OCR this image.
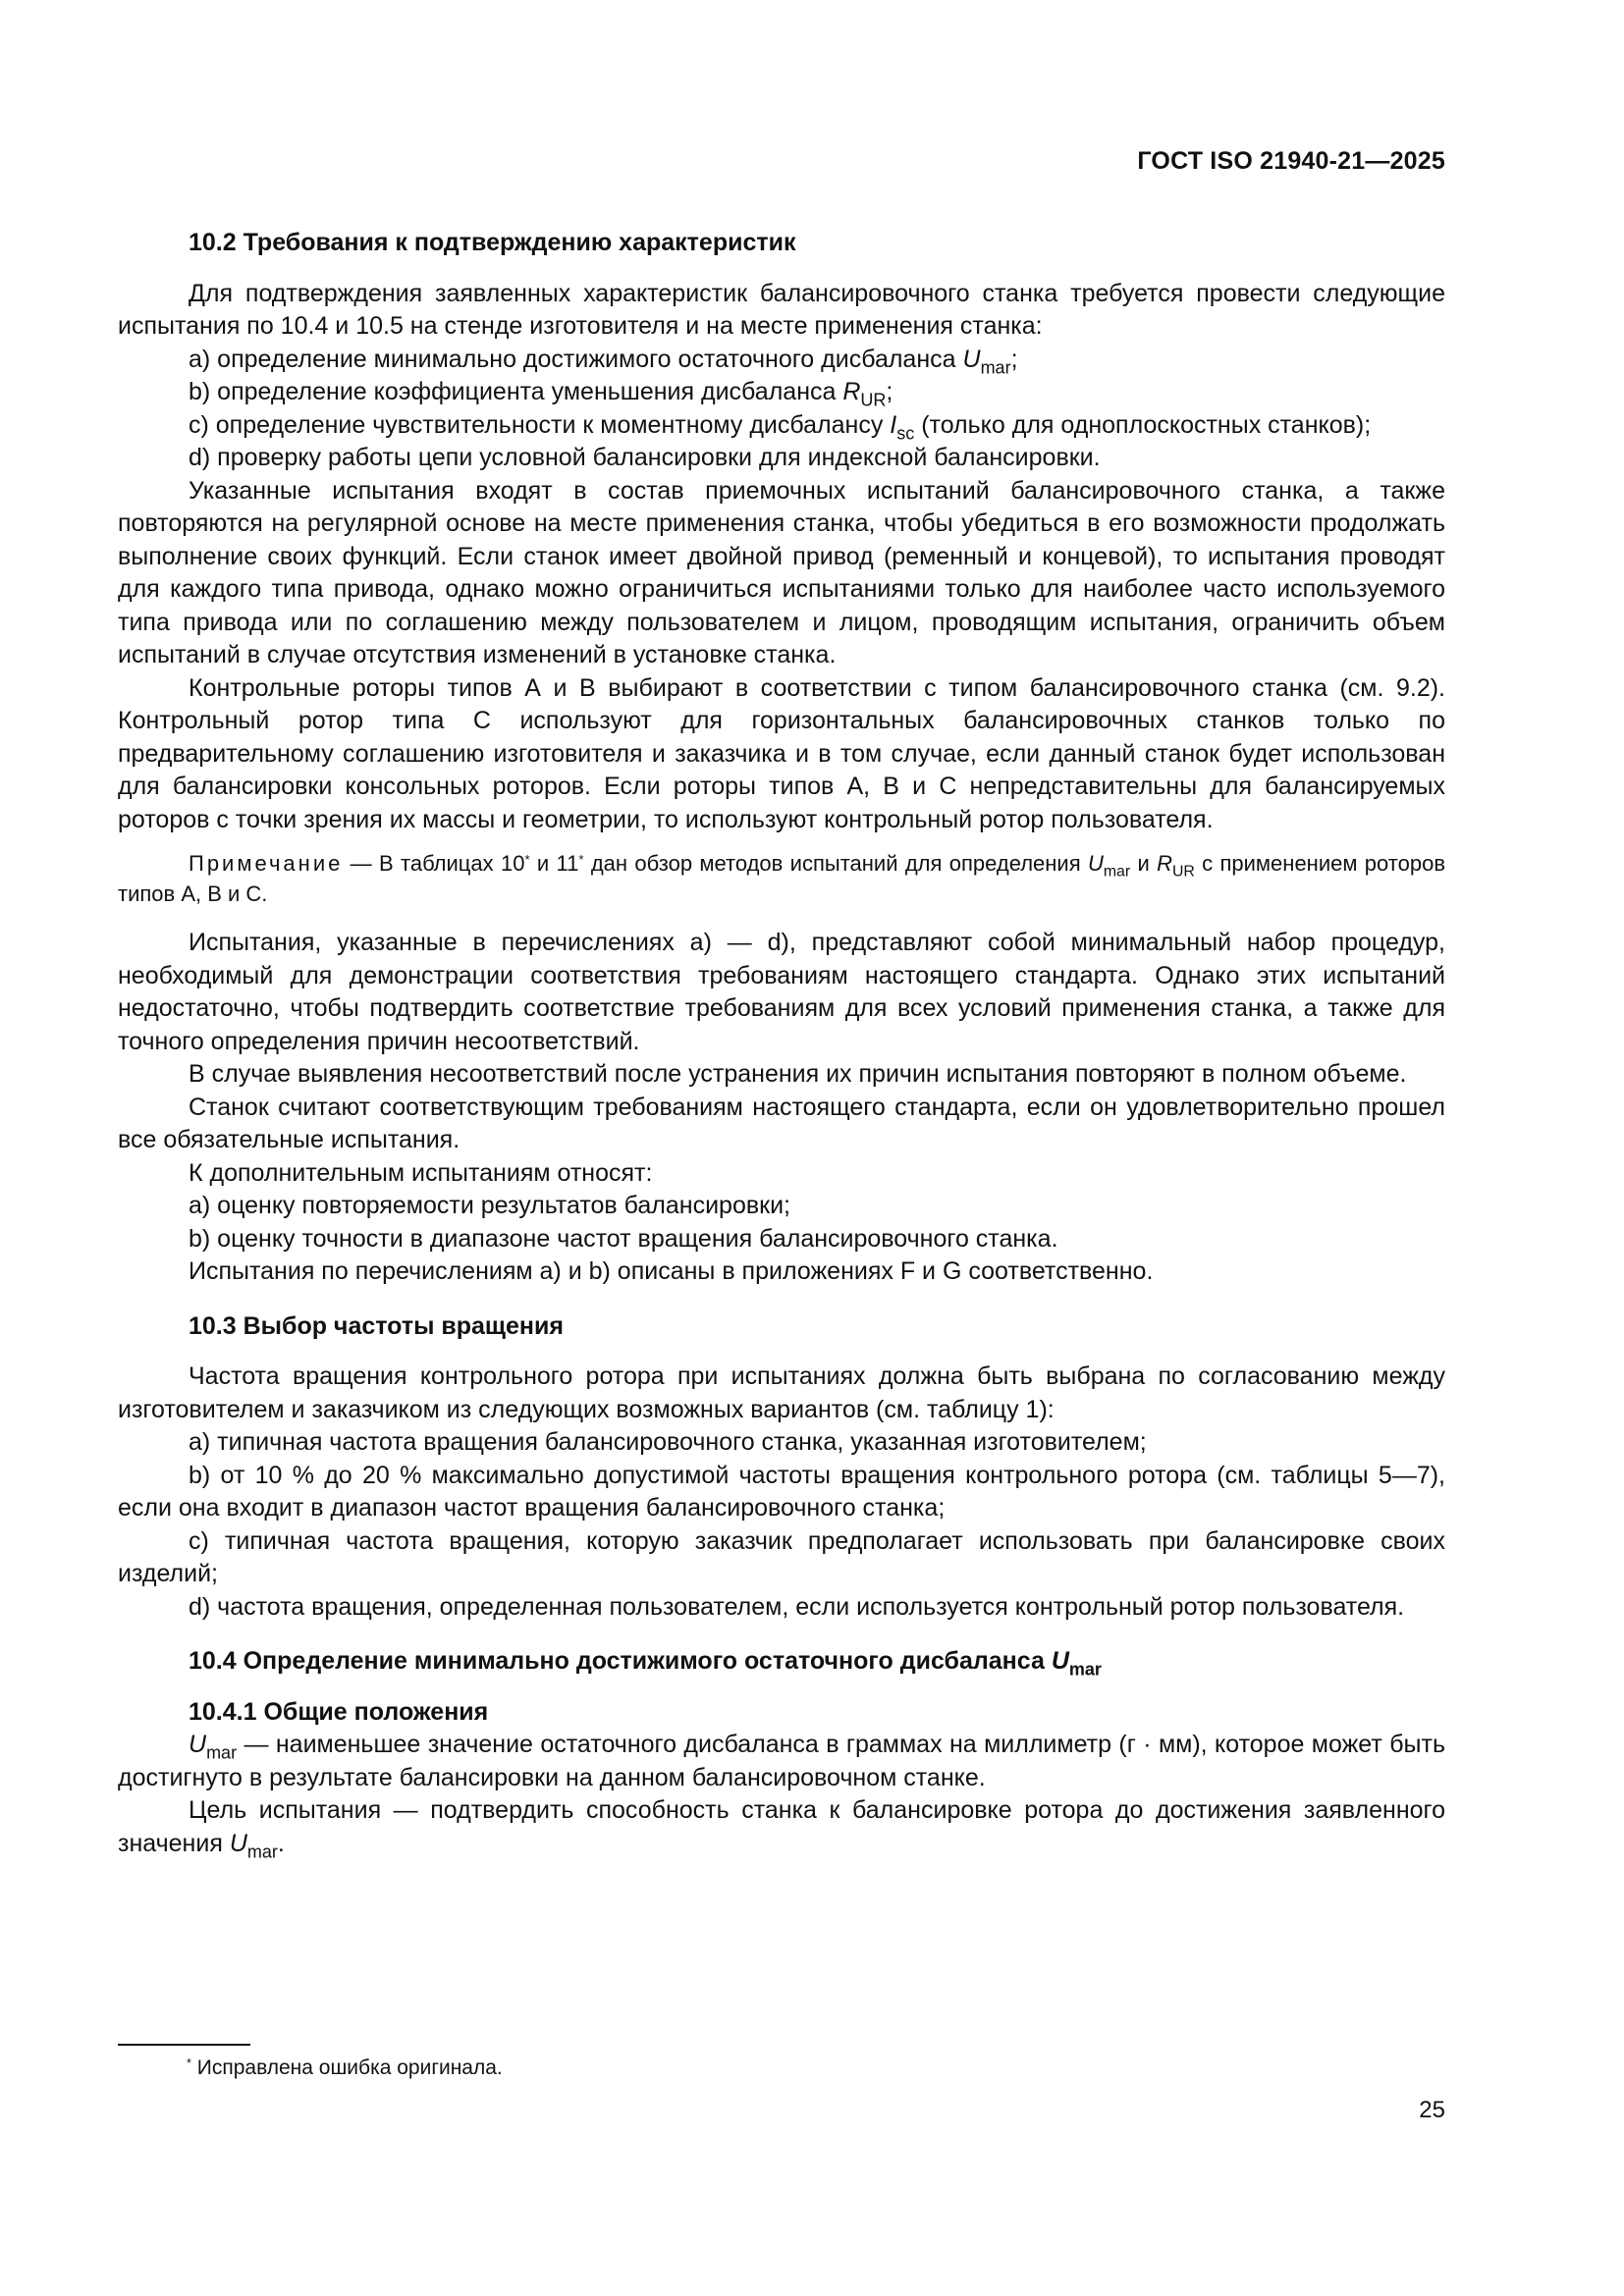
ГОСТ ISO 21940-21—2025

10.2 Требования к подтверждению характеристик

Для подтверждения заявленных характеристик балансировочного станка требуется провести следующие испытания по 10.4 и 10.5 на стенде изготовителя и на месте применения станка:

а) определение минимально достижимого остаточного дисбаланса $U_{mar}$;

b) определение коэффициента уменьшения дисбаланса $R_{UR}$;

с) определение чувствительности к моментному дисбалансу $I_{sc}$ (только для одноплоскостных станков);

d) проверку работы цепи условной балансировки для индексной балансировки.

Указанные испытания входят в состав приемочных испытаний балансировочного станка, а также повторяются на регулярной основе на месте применения станка, чтобы убедиться в его возможности продолжать выполнение своих функций. Если станок имеет двойной привод (ременный и концевой), то испытания проводят для каждого типа привода, однако можно ограничиться испытаниями только для наиболее часто используемого типа привода или по соглашению между пользователем и лицом, проводящим испытания, ограничить объем испытаний в случае отсутствия изменений в установке станка.

Контрольные роторы типов А и В выбирают в соответствии с типом балансировочного станка (см. 9.2). Контрольный ротор типа С используют для горизонтальных балансировочных станков только по предварительному соглашению изготовителя и заказчика и в том случае, если данный станок будет использован для балансировки консольных роторов. Если роторы типов А, В и С непредставительны для балансируемых роторов с точки зрения их массы и геометрии, то используют контрольный ротор пользователя.

Примечание — В таблицах 10* и 11* дан обзор методов испытаний для определения $U_{mar}$ и $R_{UR}$ с применением роторов типов А, В и С.

Испытания, указанные в перечислениях а) — d), представляют собой минимальный набор процедур, необходимый для демонстрации соответствия требованиям настоящего стандарта. Однако этих испытаний недостаточно, чтобы подтвердить соответствие требованиям для всех условий применения станка, а также для точного определения причин несоответствий.

В случае выявления несоответствий после устранения их причин испытания повторяют в полном объеме.

Станок считают соответствующим требованиям настоящего стандарта, если он удовлетворительно прошел все обязательные испытания.

К дополнительным испытаниям относят:

а) оценку повторяемости результатов балансировки;

b) оценку точности в диапазоне частот вращения балансировочного станка.

Испытания по перечислениям а) и b) описаны в приложениях F и G соответственно.

10.3 Выбор частоты вращения

Частота вращения контрольного ротора при испытаниях должна быть выбрана по согласованию между изготовителем и заказчиком из следующих возможных вариантов (см. таблицу 1):

а) типичная частота вращения балансировочного станка, указанная изготовителем;

b) от 10 % до 20 % максимально допустимой частоты вращения контрольного ротора (см. таблицы 5—7), если она входит в диапазон частот вращения балансировочного станка;

с) типичная частота вращения, которую заказчик предполагает использовать при балансировке своих изделий;

d) частота вращения, определенная пользователем, если используется контрольный ротор пользователя.

10.4 Определение минимально достижимого остаточного дисбаланса $U_{mar}$

10.4.1 Общие положения

$U_{mar}$ — наименьшее значение остаточного дисбаланса в граммах на миллиметр (г · мм), которое может быть достигнуто в результате балансировки на данном балансировочном станке.

Цель испытания — подтвердить способность станка к балансировке ротора до достижения заявленного значения $U_{mar}$.

* Исправлена ошибка оригинала.
25
